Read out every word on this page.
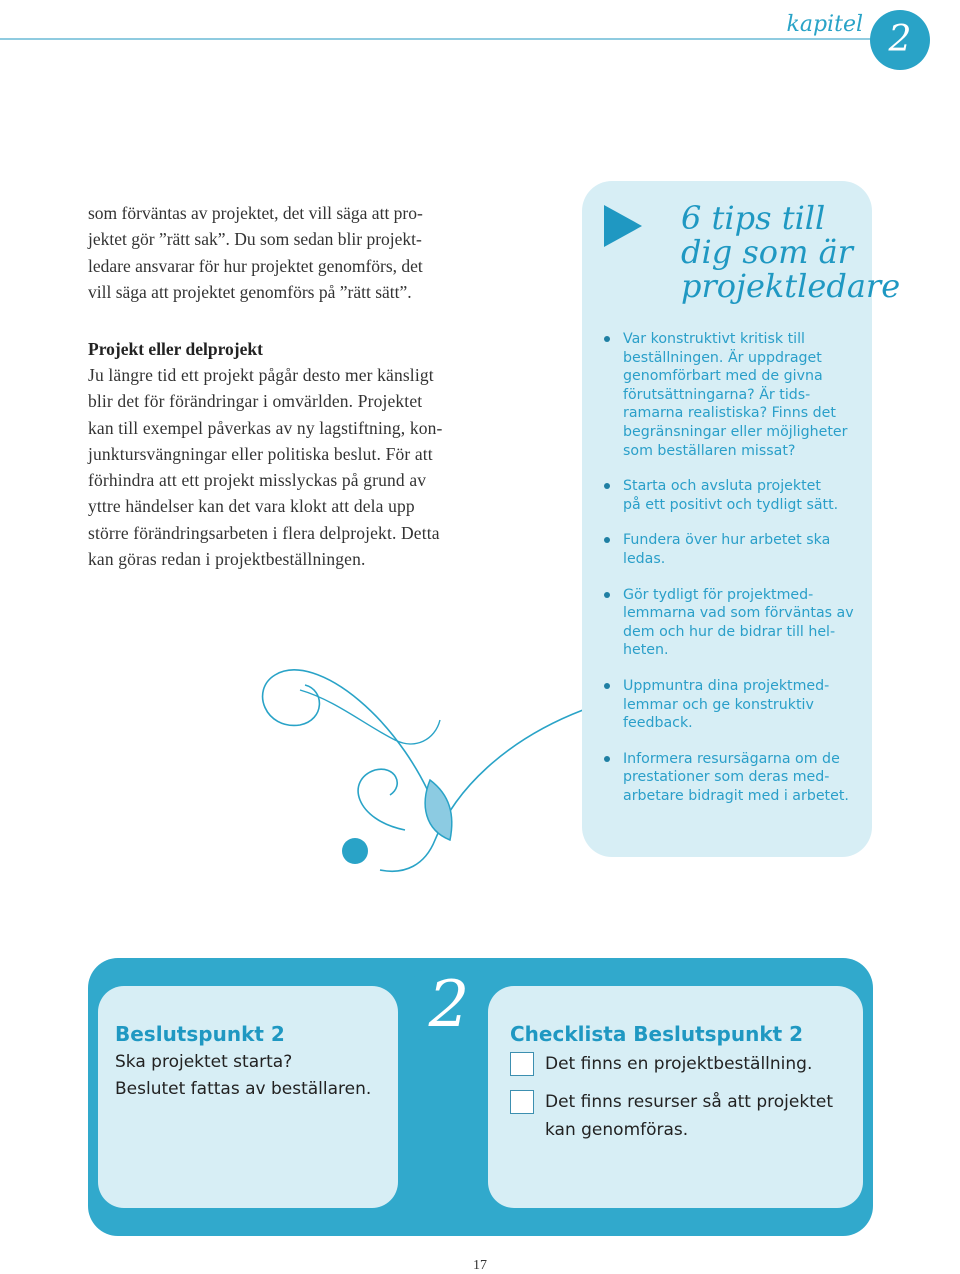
kapitel 2
som förväntas av projektet, det vill säga att pro-
jektet gör ”rätt sak”. Du som sedan blir projekt-
ledare ansvarar för hur projektet genomförs, det
vill säga att projektet genomförs på ”rätt sätt”.
Projekt eller delprojekt

Ju längre tid ett projekt pågår desto mer känsligt
blir det för förändringar i omvärlden. Projektet
kan till exempel påverkas av ny lagstiftning, kon-
junktursvängningar eller politiska beslut. För att
förhindra att ett projekt misslyckas på grund av
yttre händelser kan det vara klokt att dela upp
större förändringsarbeten i flera delprojekt. Detta
kan göras redan i projektbeställningen.

6 tips till
dig som är
projektledare
Var konstruktivt kritisk till
beställningen. Är uppdraget
genomförbart med de givna
förutsättningarna? Är tids-
ramarna realistiska? Finns det
begränsningar eller möjligheter
som beställaren missat?
Starta och avsluta projektet
på ett positivt och tydligt sätt.
Fundera över hur arbetet ska
ledas.
Gör tydligt för projektmed-
lemmarna vad som förväntas av
dem och hur de bidrar till hel-
heten.
Uppmuntra dina projektmed-
lemmar och ge konstruktiv
feedback.
Informera resursägarna om de
prestationer som deras med-
arbetare bidragit med i arbetet.
Beslutspunkt 2
Ska projektet starta?
Beslutet fattas av beställaren.
2	Checklista Beslutspunkt 2
Det finns en projektbeställning.
Det finns resurser så att projektet
kan genomföras.
17
